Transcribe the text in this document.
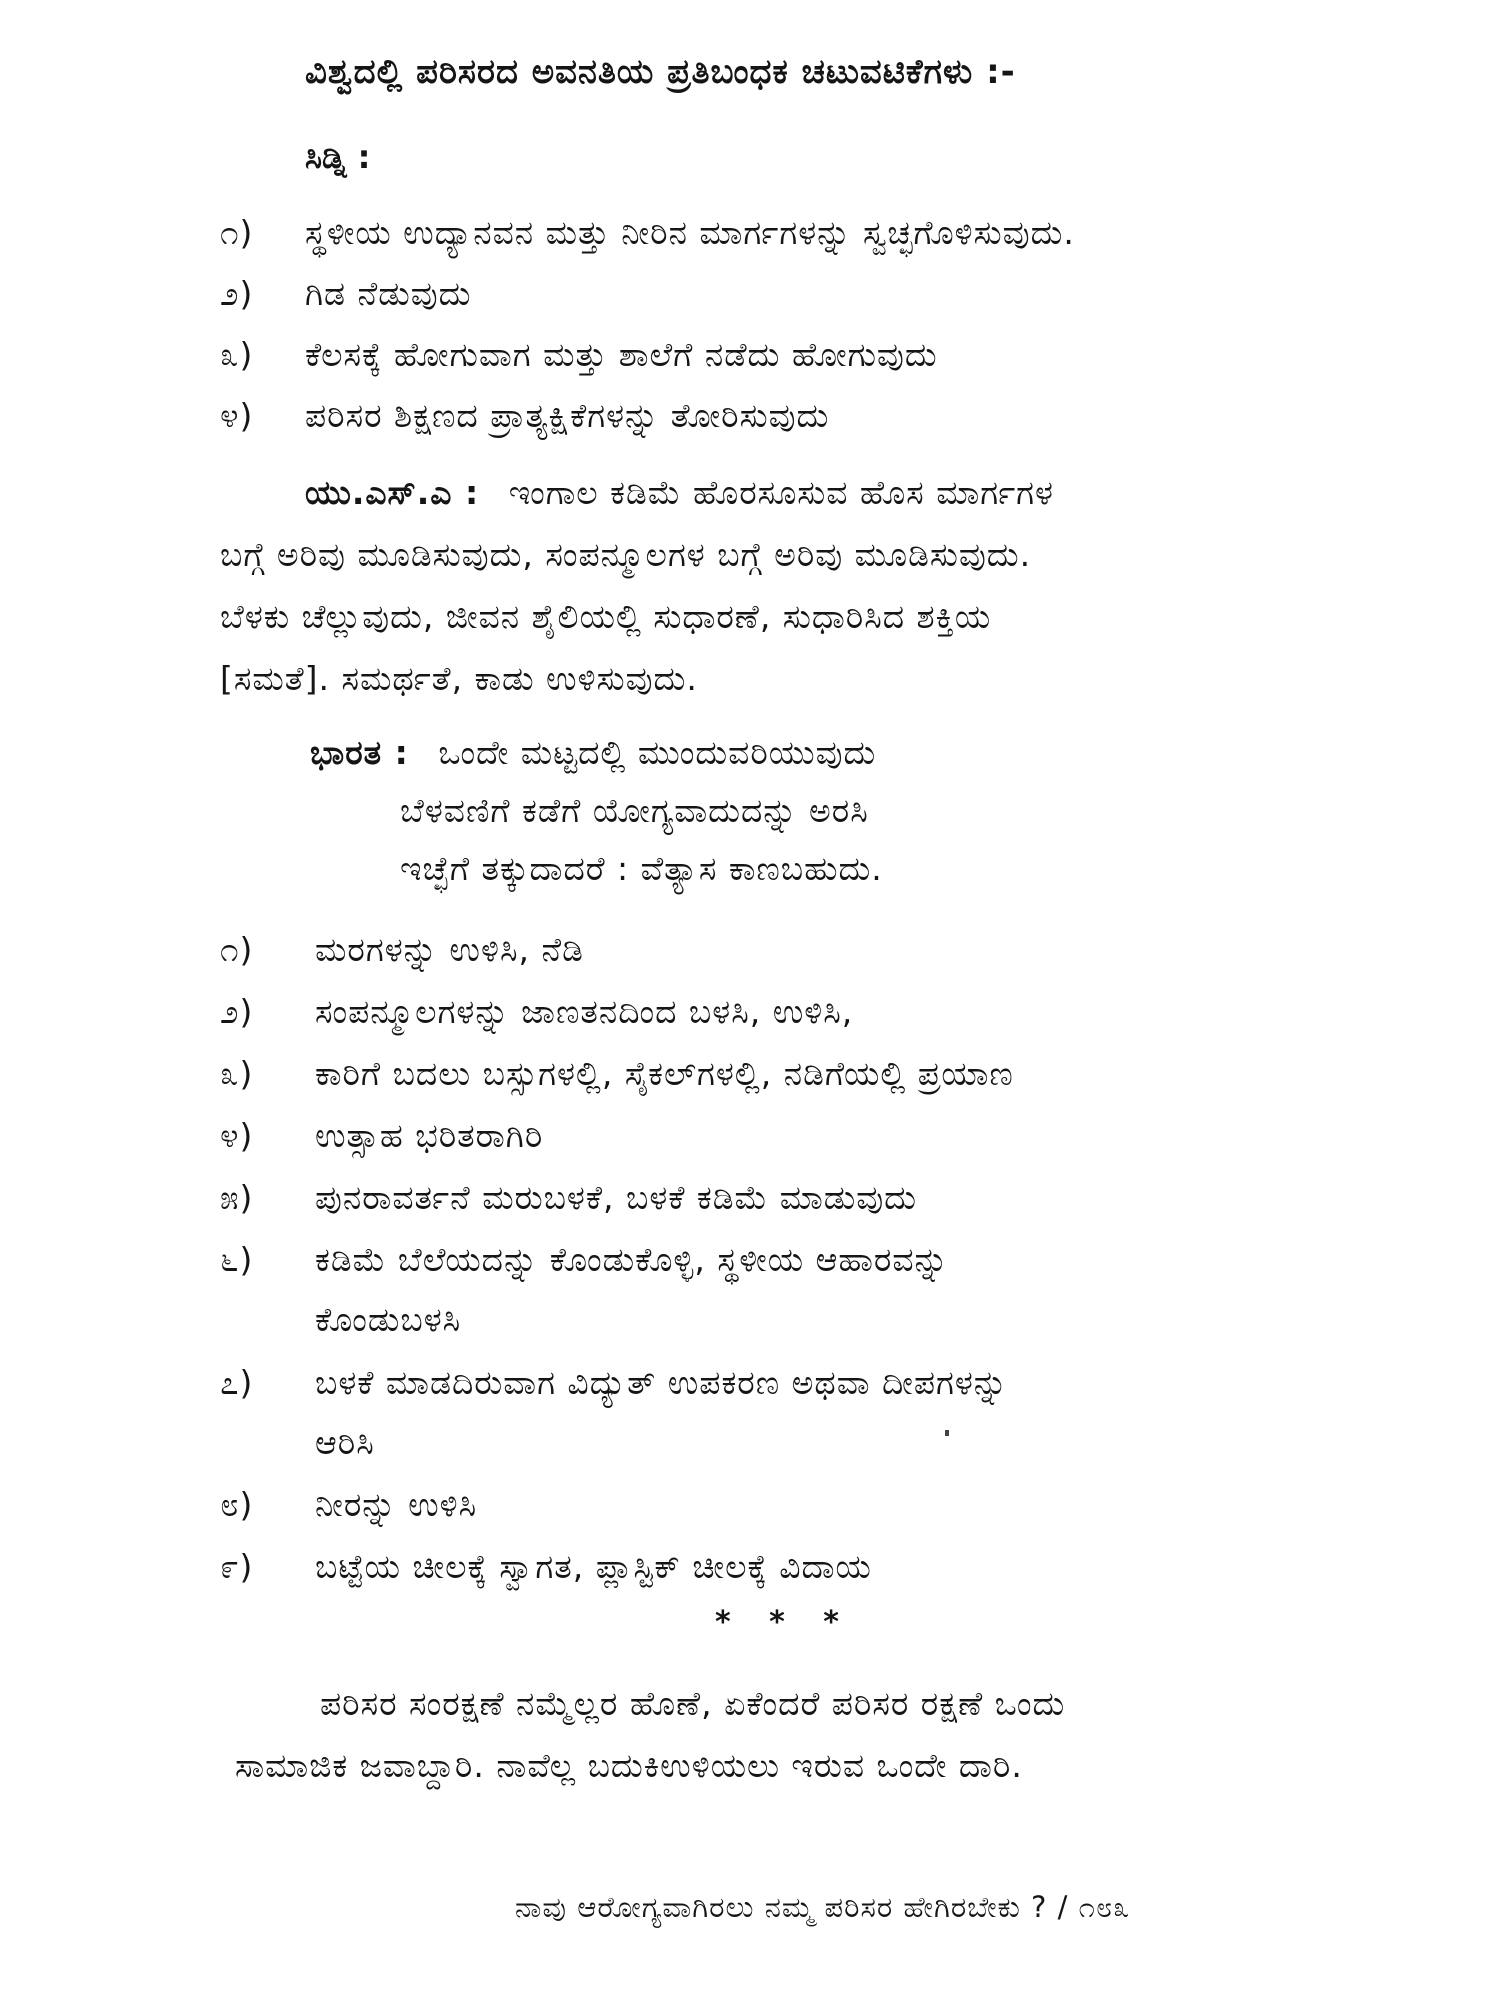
ವಿಶ್ವದಲ್ಲಿ ಪರಿಸರದ ಅವನತಿಯ ಪ್ರತಿಬಂಧಕ ಚಟುವಟಿಕೆಗಳು :-
ಸಿಡ್ನಿ :
೧)	ಸ್ಥಳೀಯ ಉದ್ಯಾನವನ ಮತ್ತು ನೀರಿನ ಮಾರ್ಗಗಳನ್ನು ಸ್ವಚ್ಛಗೊಳಿಸುವುದು.
೨)	ಗಿಡ ನೆಡುವುದು
೩)	ಕೆಲಸಕ್ಕೆ ಹೋಗುವಾಗ ಮತ್ತು ಶಾಲೆಗೆ ನಡೆದು ಹೋಗುವುದು
೪)	ಪರಿಸರ ಶಿಕ್ಷಣದ ಪ್ರಾತ್ಯಕ್ಷಿಕೆಗಳನ್ನು ತೋರಿಸುವುದು
ಯು.ಎಸ್.ಎ : ಇಂಗಾಲ ಕಡಿಮೆ ಹೊರಸೂಸುವ ಹೊಸ ಮಾರ್ಗಗಳ
ಬಗ್ಗೆ ಅರಿವು ಮೂಡಿಸುವುದು, ಸಂಪನ್ಮೂಲಗಳ ಬಗ್ಗೆ ಅರಿವು ಮೂಡಿಸುವುದು.
ಬೆಳಕು ಚೆಲ್ಲುವುದು, ಜೀವನ ಶೈಲಿಯಲ್ಲಿ ಸುಧಾರಣೆ, ಸುಧಾರಿಸಿದ ಶಕ್ತಿಯ
[ಸಮತೆ]. ಸಮರ್ಥತೆ, ಕಾಡು ಉಳಿಸುವುದು.
ಭಾರತ : ಒಂದೇ ಮಟ್ಟದಲ್ಲಿ ಮುಂದುವರಿಯುವುದು
ಬೆಳವಣಿಗೆ ಕಡೆಗೆ ಯೋಗ್ಯವಾದುದನ್ನು ಅರಸಿ
ಇಚ್ಛೆಗೆ ತಕ್ಕುದಾದರೆ : ವೆತ್ಯಾಸ ಕಾಣಬಹುದು.
೧)	ಮರಗಳನ್ನು ಉಳಿಸಿ, ನೆಡಿ
೨)	ಸಂಪನ್ಮೂಲಗಳನ್ನು ಜಾಣತನದಿಂದ ಬಳಸಿ, ಉಳಿಸಿ,
೩)	ಕಾರಿಗೆ ಬದಲು ಬಸ್ಸುಗಳಲ್ಲಿ, ಸೈಕಲ್‌ಗಳಲ್ಲಿ, ನಡಿಗೆಯಲ್ಲಿ ಪ್ರಯಾಣ
೪)	ಉತ್ಸಾಹ ಭರಿತರಾಗಿರಿ
೫)	ಪುನರಾವರ್ತನೆ ಮರುಬಳಕೆ, ಬಳಕೆ ಕಡಿಮೆ ಮಾಡುವುದು
೬)	ಕಡಿಮೆ ಬೆಲೆಯದನ್ನು ಕೊಂಡುಕೊಳ್ಳಿ, ಸ್ಥಳೀಯ ಆಹಾರವನ್ನು
ಕೊಂಡುಬಳಸಿ
೭)	ಬಳಕೆ ಮಾಡದಿರುವಾಗ ವಿದ್ಯುತ್ ಉಪಕರಣ ಅಥವಾ ದೀಪಗಳನ್ನು
ಆರಿಸಿ
೮)	ನೀರನ್ನು ಉಳಿಸಿ
೯)	ಬಟ್ಟೆಯ ಚೀಲಕ್ಕೆ ಸ್ವಾಗತ, ಪ್ಲಾಸ್ಟಿಕ್ ಚೀಲಕ್ಕೆ ವಿದಾಯ
* * *
ಪರಿಸರ ಸಂರಕ್ಷಣೆ ನಮ್ಮೆಲ್ಲರ ಹೊಣೆ, ಏಕೆಂದರೆ ಪರಿಸರ ರಕ್ಷಣೆ ಒಂದು
ಸಾಮಾಜಿಕ ಜವಾಬ್ದಾರಿ. ನಾವೆಲ್ಲ ಬದುಕಿಉಳಿಯಲು ಇರುವ ಒಂದೇ ದಾರಿ.
ನಾವು ಆರೋಗ್ಯವಾಗಿರಲು ನಮ್ಮ ಪರಿಸರ ಹೇಗಿರಬೇಕು ? / ೧೮೩
